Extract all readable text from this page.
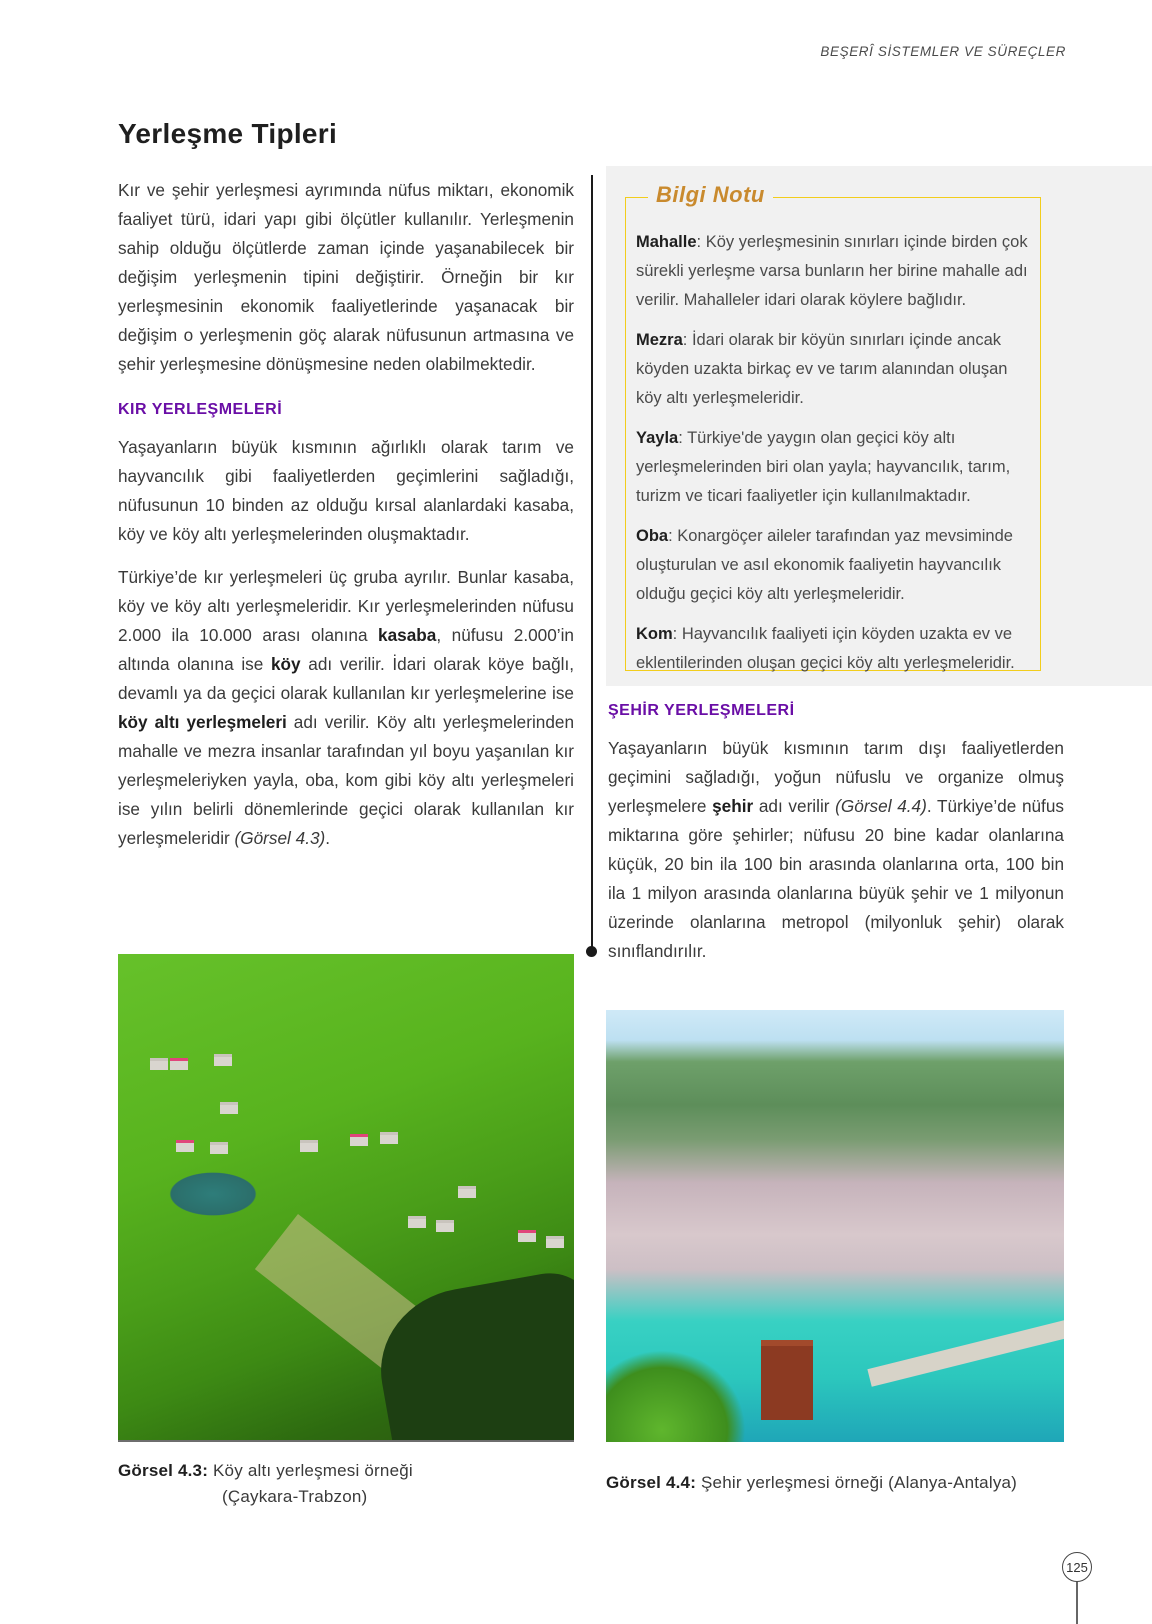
BEŞERÎ SİSTEMLER VE SÜREÇLER
Yerleşme Tipleri

Kır ve şehir yerleşmesi ayrımında nüfus miktarı, ekonomik faaliyet türü, idari yapı gibi ölçütler kullanılır. Yerleşmenin sahip olduğu ölçütlerde zaman içinde yaşanabilecek bir değişim yerleşmenin tipini değiştirir. Örneğin bir kır yerleşmesinin ekonomik faaliyetlerinde yaşanacak bir değişim o yerleşmenin göç alarak nüfusunun artmasına ve şehir yerleşmesine dönüşmesine neden olabilmektedir.

KIR YERLEŞMELERİ

Yaşayanların büyük kısmının ağırlıklı olarak tarım ve hayvancılık gibi faaliyetlerden geçimlerini sağladığı, nüfusunun 10 binden az olduğu kırsal alanlardaki kasaba, köy ve köy altı yerleşmelerinden oluşmaktadır.

Türkiye’de kır yerleşmeleri üç gruba ayrılır. Bunlar kasaba, köy ve köy altı yerleşmeleridir. Kır yerleşmelerinden nüfusu 2.000 ila 10.000 arası olanına kasaba, nüfusu 2.000’in altında olanına ise köy adı verilir. İdari olarak köye bağlı, devamlı ya da geçici olarak kullanılan kır yerleşmelerine ise köy altı yerleşmeleri adı verilir. Köy altı yerleşmelerinden mahalle ve mezra insanlar tarafından yıl boyu yaşanılan kır yerleşmeleriyken yayla, oba, kom gibi köy altı yerleşmeleri ise yılın belirli dönemlerinde geçici olarak kullanılan kır yerleşmeleridir (Görsel 4.3).

Bilgi Notu

Mahalle: Köy yerleşmesinin sınırları içinde birden çok sürekli yerleşme varsa bunların her birine mahalle adı verilir. Mahalleler idari olarak köylere bağlıdır.

Mezra: İdari olarak bir köyün sınırları içinde ancak köyden uzakta birkaç ev ve tarım alanından oluşan köy altı yerleşmeleridir.

Yayla: Türkiye'de yaygın olan geçici köy altı yerleşmelerinden biri olan yayla; hayvancılık, tarım, turizm ve ticari faaliyetler için kullanılmaktadır.

Oba: Konargöçer aileler tarafından yaz mevsiminde oluşturulan ve asıl ekonomik faaliyetin hayvancılık olduğu geçici köy altı yerleşmeleridir.

Kom: Hayvancılık faaliyeti için köyden uzakta ev ve eklentilerinden oluşan geçici köy altı yerleşmeleridir.

ŞEHİR YERLEŞMELERİ

Yaşayanların büyük kısmının tarım dışı faaliyetlerden geçimini sağladığı, yoğun nüfuslu ve organize olmuş yerleşmelere şehir adı verilir (Görsel 4.4). Türkiye’de nüfus miktarına göre şehirler; nüfusu 20 bine kadar olanlarına küçük, 20 bin ila 100 bin arasında olanlarına orta, 100 bin ila 1 milyon arasında olanlarına büyük şehir ve 1 milyonun üzerinde olanlarına metropol (milyonluk şehir) olarak sınıflandırılır.

Görsel 4.3: Köy altı yerleşmesi örneği
(Çaykara-Trabzon)
Görsel 4.4: Şehir yerleşmesi örneği (Alanya-Antalya)
125
